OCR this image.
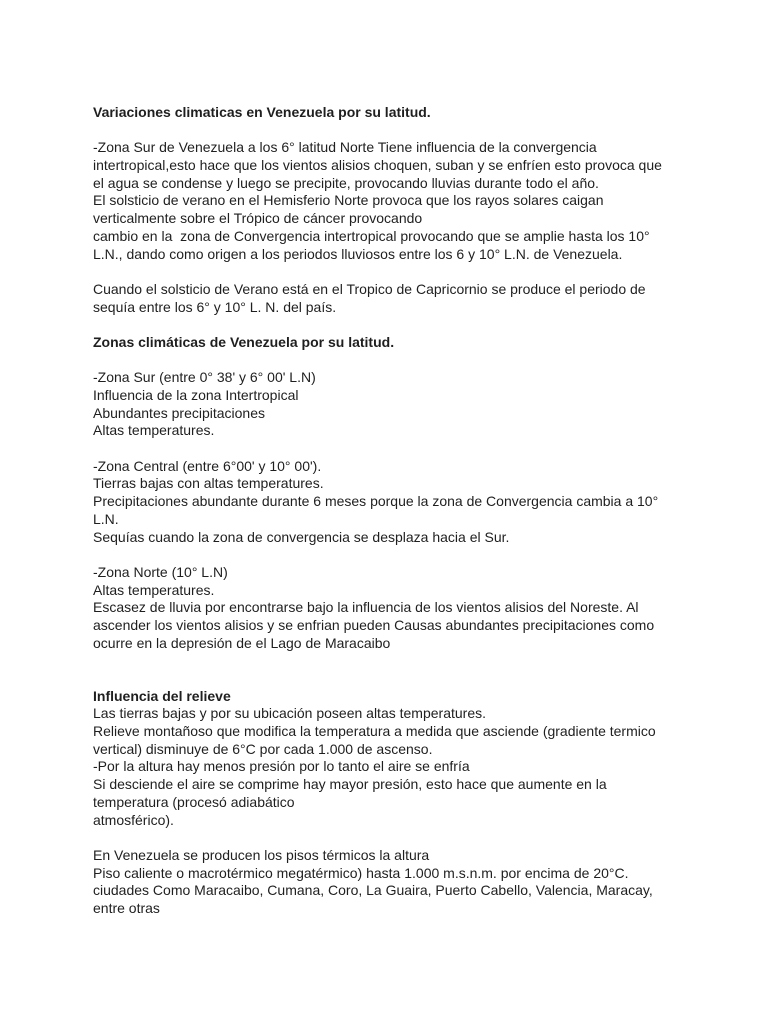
Variaciones climaticas en Venezuela por su latitud.
-Zona Sur de Venezuela a los 6° latitud Norte Tiene influencia de la convergencia
intertropical,esto hace que los vientos alisios choquen, suban y se enfríen esto provoca que
el agua se condense y luego se precipite, provocando lluvias durante todo el año.
El solsticio de verano en el Hemisferio Norte provoca que los rayos solares caigan
verticalmente sobre el Trópico de cáncer provocando
cambio en la  zona de Convergencia intertropical provocando que se amplie hasta los 10°
L.N., dando como origen a los periodos lluviosos entre los 6 y 10° L.N. de Venezuela.
Cuando el solsticio de Verano está en el Tropico de Capricornio se produce el periodo de
sequía entre los 6° y 10° L. N. del país.
Zonas climáticas de Venezuela por su latitud.
-Zona Sur (entre 0° 38' y 6° 00' L.N)
Influencia de la zona Intertropical
Abundantes precipitaciones
Altas temperatures.
-Zona Central (entre 6°00' y 10° 00').
Tierras bajas con altas temperatures.
Precipitaciones abundante durante 6 meses porque la zona de Convergencia cambia a 10°
L.N.
Sequías cuando la zona de convergencia se desplaza hacia el Sur.
-Zona Norte (10° L.N)
Altas temperatures.
Escasez de lluvia por encontrarse bajo la influencia de los vientos alisios del Noreste. Al
ascender los vientos alisios y se enfrian pueden Causas abundantes precipitaciones como
ocurre en la depresión de el Lago de Maracaibo
Influencia del relieve
Las tierras bajas y por su ubicación poseen altas temperatures.
Relieve montañoso que modifica la temperatura a medida que asciende (gradiente termico
vertical) disminuye de 6°C por cada 1.000 de ascenso.
-Por la altura hay menos presión por lo tanto el aire se enfría
Si desciende el aire se comprime hay mayor presión, esto hace que aumente en la
temperatura (procesó adiabático
atmosférico).
En Venezuela se producen los pisos térmicos la altura
Piso caliente o macrotérmico megatérmico) hasta 1.000 m.s.n.m. por encima de 20°C.
ciudades Como Maracaibo, Cumana, Coro, La Guaira, Puerto Cabello, Valencia, Maracay,
entre otras
